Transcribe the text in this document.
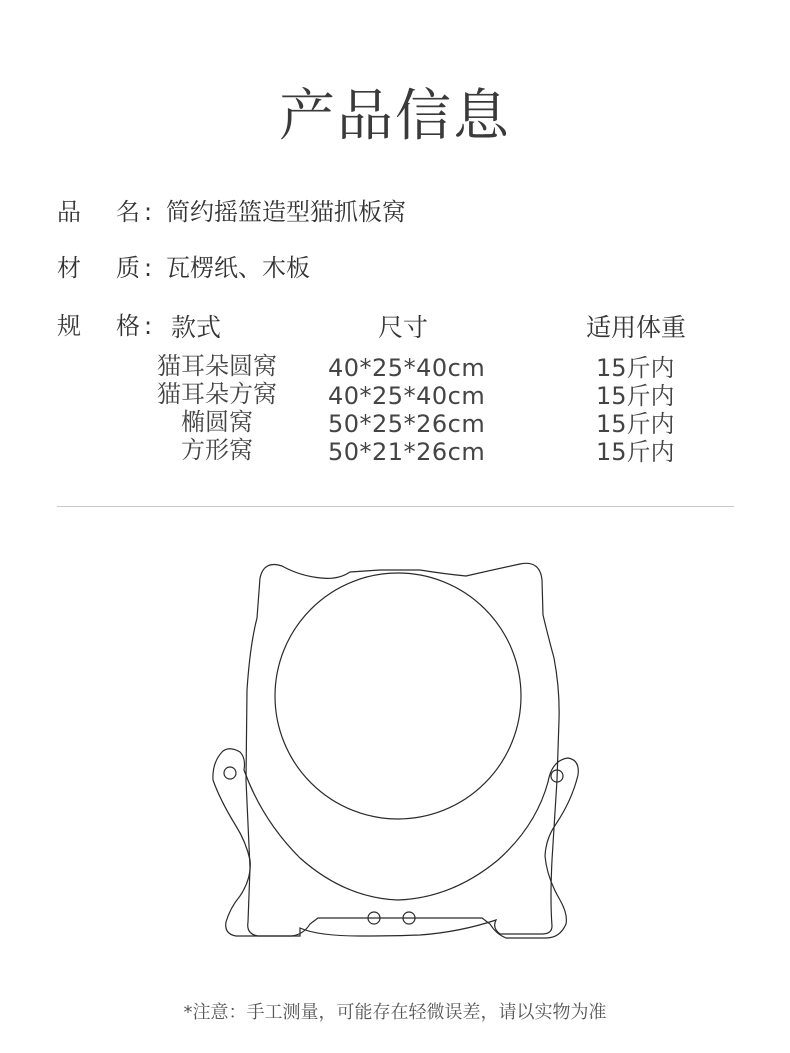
产品信息
品 名 : 简约摇篮造型猫抓板窝
材 质 : 瓦楞纸、木板
规 格 : 款式	尺寸	适用体重
猫耳朵圆窝	40*25*40cm	15斤内
猫耳朵方窝	40*25*40cm	15斤内
椭圆窝	50*25*26cm	15斤内
方形窝	50*21*26cm	15斤内
*注意：手工测量，可能存在轻微误差，请以实物为准
